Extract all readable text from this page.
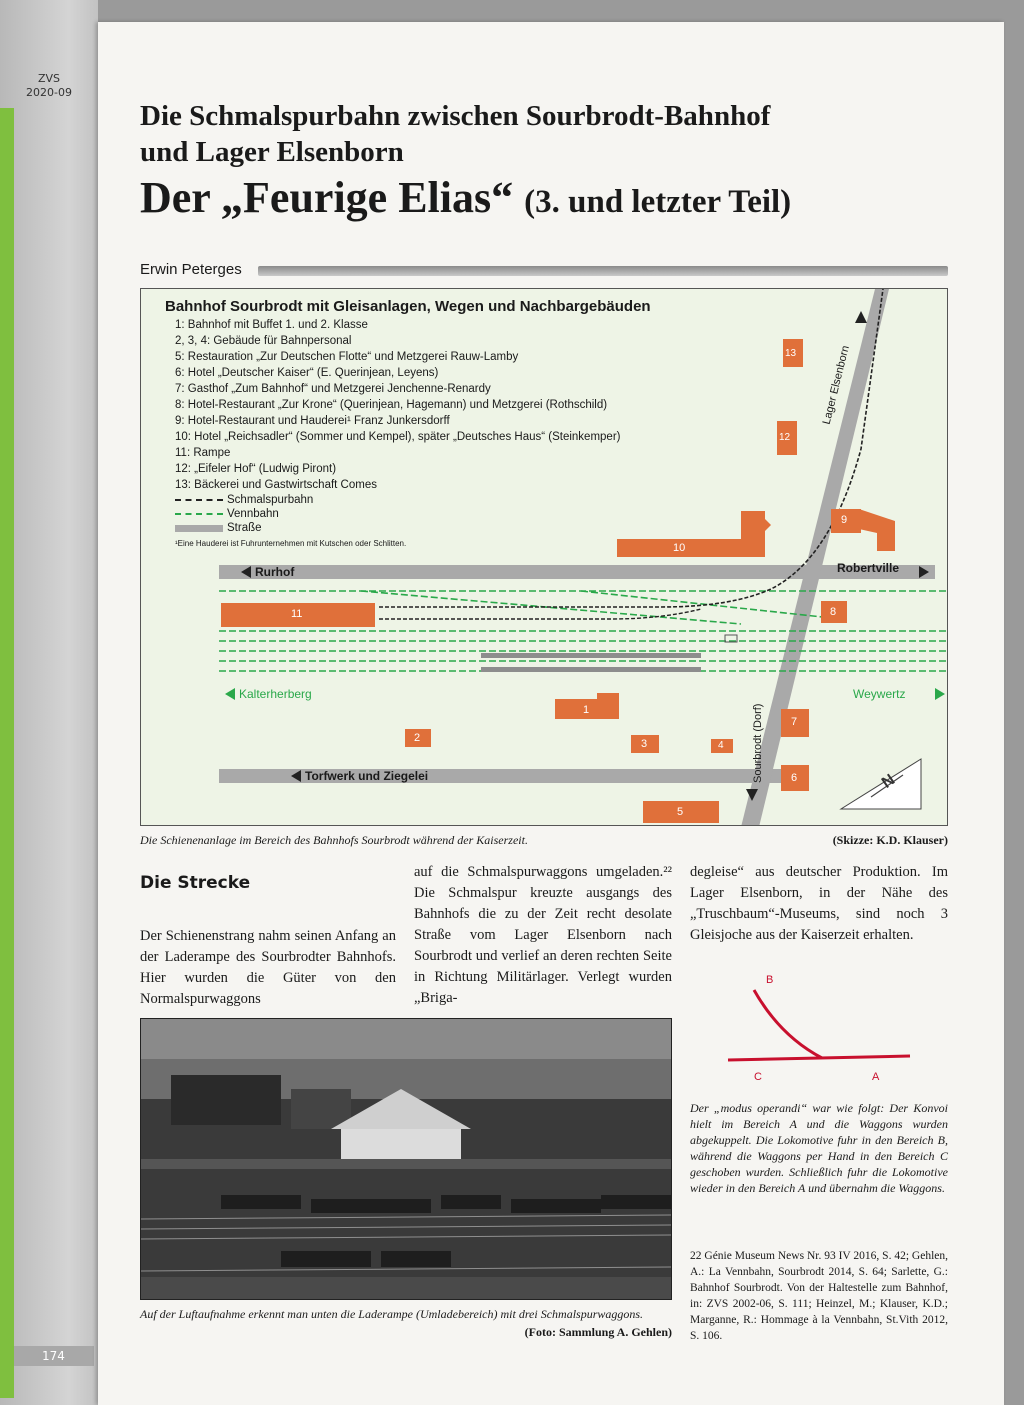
ZVS
2020-09
174
Die Schmalspurbahn zwischen Sourbrodt-Bahnhof
und Lager Elsenborn
Der „Feurige Elias“ (3. und letzter Teil)
Erwin Peterges
Bahnhof Sourbrodt mit Gleisanlagen, Wegen und Nachbargebäuden
1: Bahnhof mit Buffet 1. und 2. Klasse
2, 3, 4: Gebäude für Bahnpersonal
5: Restauration „Zur Deutschen Flotte“ und Metzgerei Rauw-Lamby
6: Hotel „Deutscher Kaiser“ (E. Querinjean, Leyens)
7: Gasthof „Zum Bahnhof“ und Metzgerei Jenchenne-Renardy
8: Hotel-Restaurant „Zur Krone“ (Querinjean, Hagemann) und Metzgerei (Rothschild)
9: Hotel-Restaurant und Hauderei¹ Franz Junkersdorff
10: Hotel „Reichsadler“ (Sommer und Kempel), später „Deutsches Haus“ (Steinkemper)
11: Rampe
12: „Eifeler Hof“ (Ludwig Piront)
13: Bäckerei und Gastwirtschaft Comes
Schmalspurbahn
Vennbahn
Straße
¹Eine Hauderei ist Fuhrunternehmen mit Kutschen oder Schlitten.
Rurhof	Robertville
Kalterherberg	Weywertz
Torfwerk und Ziegelei
Lager Elsenborn
Sourbrodt (Dorf)	N
11
10
9
8
13
12
1
2	3	4
7
6
5
Die Schienenanlage im Bereich des Bahnhofs Sourbrodt während der Kaiserzeit.	(Skizze: K.D. Klauser)
Die Strecke
Der Schienenstrang nahm seinen Anfang an der Laderampe des Sourbrodter Bahnhofs. Hier wurden die Güter von den Normalspurwaggons
auf die Schmalspurwaggons umgeladen.²² Die Schmalspur kreuzte ausgangs des Bahnhofs die zu der Zeit recht desolate Straße vom Lager Elsenborn nach Sourbrodt und verlief an deren rechten Seite in Richtung Militärlager. Verlegt wurden „Briga-
degleise“ aus deutscher Produktion. Im Lager Elsenborn, in der Nähe des „Truschbaum“-Museums, sind noch 3 Gleisjoche aus der Kaiserzeit erhalten.
Auf der Luftaufnahme erkennt man unten die Laderampe (Umladebereich) mit drei Schmalspurwaggons.
(Foto: Sammlung A. Gehlen)
B
C	A
Der „modus operandi“ war wie folgt: Der Konvoi hielt im Bereich A und die Waggons wurden abgekuppelt. Die Lokomotive fuhr in den Bereich B, während die Waggons per Hand in den Bereich C geschoben wurden. Schließlich fuhr die Lokomotive wieder in den Bereich A und übernahm die Waggons.
22 Génie Museum News Nr. 93 IV 2016, S. 42; Gehlen, A.: La Vennbahn, Sourbrodt 2014, S. 64; Sarlette, G.: Bahnhof Sourbrodt. Von der Haltestelle zum Bahnhof, in: ZVS 2002-06, S. 111; Heinzel, M.; Klauser, K.D.; Marganne, R.: Hommage à la Vennbahn, St.Vith 2012, S. 106.
